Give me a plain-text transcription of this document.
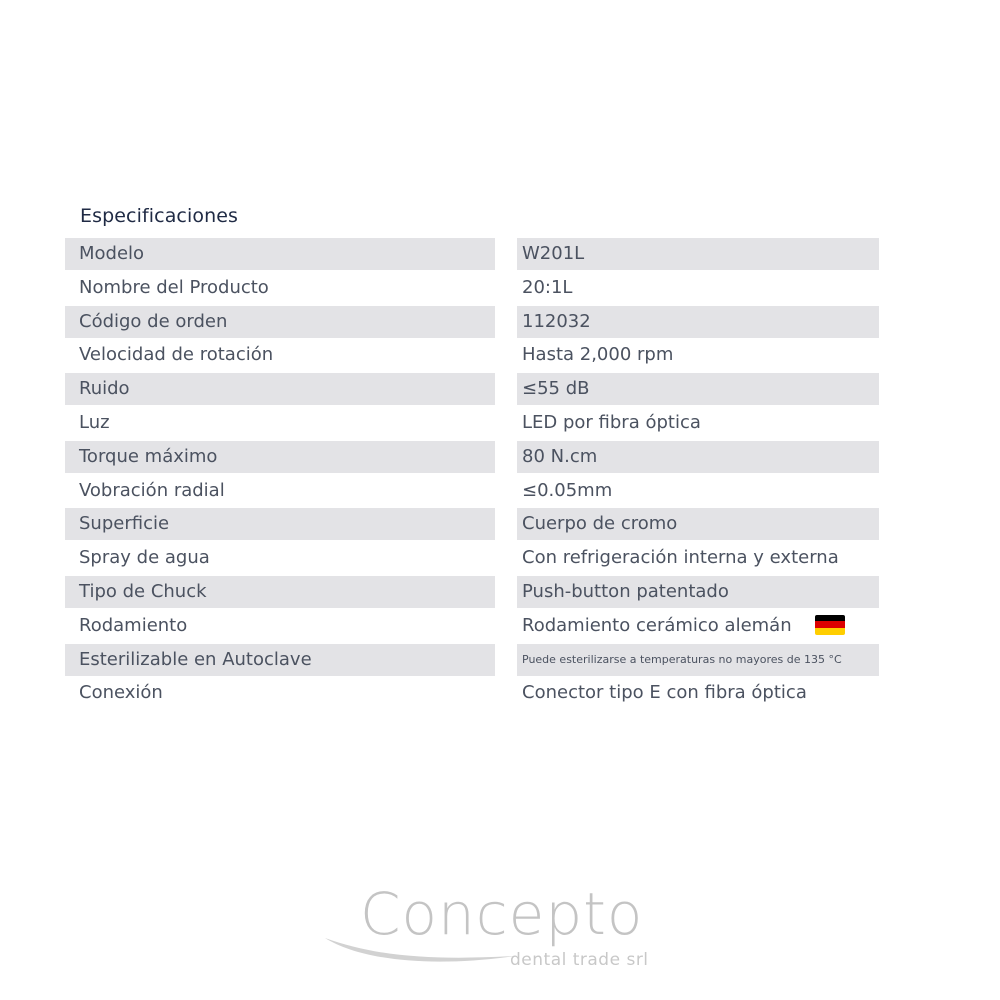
Especificaciones
Modelo	W201L
Nombre del Producto	20:1L
Código de orden	112032
Velocidad de rotación	Hasta 2,000 rpm
Ruido	≤55 dB
Luz	LED por fibra óptica
Torque máximo	80 N.cm
Vobración radial	≤0.05mm
Superficie	Cuerpo de cromo
Spray de agua	Con refrigeración interna y externa
Tipo de Chuck	Push-button patentado
Rodamiento	Rodamiento cerámico alemán
Esterilizable en Autoclave	Puede esterilizarse a temperaturas no mayores de 135 °C
Conexión	Conector tipo E con fibra óptica
Concepto
dental trade srl
